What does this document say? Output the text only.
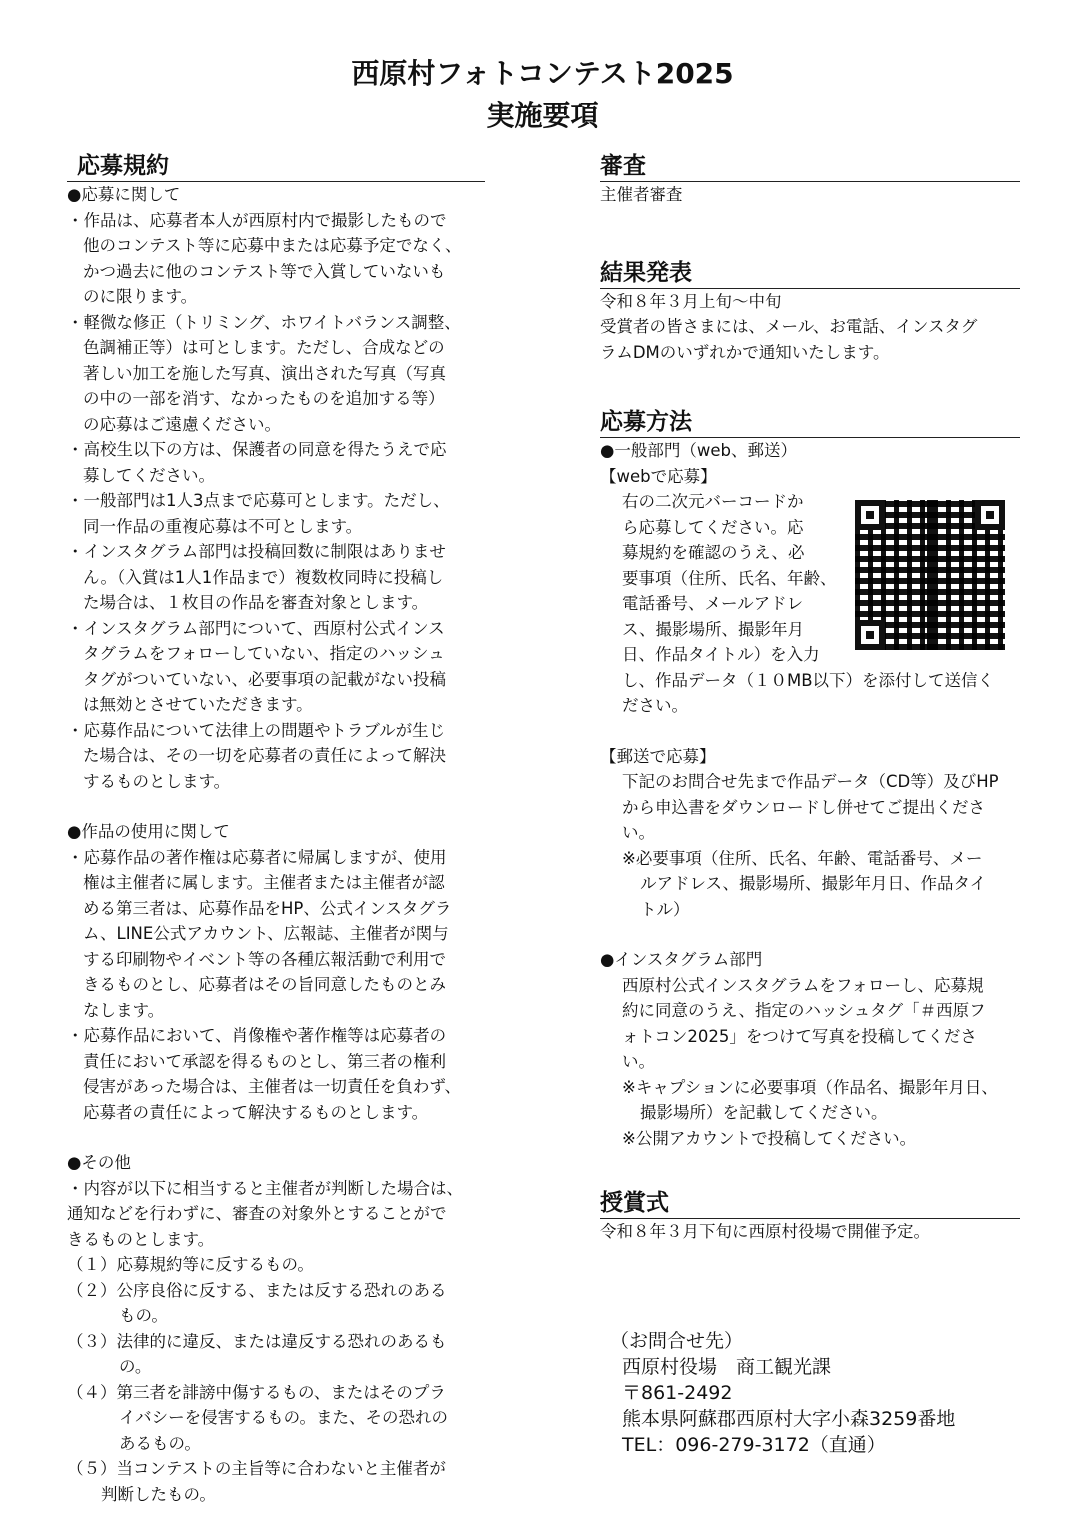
西原村フォトコンテスト2025
実施要項
応募規約
●応募に関して
・作品は、応募者本人が西原村内で撮影したもので
他のコンテスト等に応募中または応募予定でなく、
かつ過去に他のコンテスト等で入賞していないも
のに限ります。
・軽微な修正（トリミング、ホワイトバランス調整、
色調補正等）は可とします。ただし、合成などの
著しい加工を施した写真、演出された写真（写真
の中の一部を消す、なかったものを追加する等）
の応募はご遠慮ください。
・高校生以下の方は、保護者の同意を得たうえで応
募してください。
・一般部門は1人3点まで応募可とします。ただし、
同一作品の重複応募は不可とします。
・インスタグラム部門は投稿回数に制限はありませ
ん。（入賞は1人1作品まで）複数枚同時に投稿し
た場合は、１枚目の作品を審査対象とします。
・インスタグラム部門について、西原村公式インス
タグラムをフォローしていない、指定のハッシュ
タグがついていない、必要事項の記載がない投稿
は無効とさせていただきます。
・応募作品について法律上の問題やトラブルが生じ
た場合は、その一切を応募者の責任によって解決
するものとします。
●作品の使用に関して
・応募作品の著作権は応募者に帰属しますが、使用
権は主催者に属します。主催者または主催者が認
める第三者は、応募作品をHP、公式インスタグラ
ム、LINE公式アカウント、広報誌、主催者が関与
する印刷物やイベント等の各種広報活動で利用で
きるものとし、応募者はその旨同意したものとみ
なします。
・応募作品において、肖像権や著作権等は応募者の
責任において承認を得るものとし、第三者の権利
侵害があった場合は、主催者は一切責任を負わず、
応募者の責任によって解決するものとします。
●その他
・内容が以下に相当すると主催者が判断した場合は、
通知などを行わずに、審査の対象外とすることがで
きるものとします。
（１）応募規約等に反するもの。
（２）公序良俗に反する、または反する恐れのある
もの。
（３）法律的に違反、または違反する恐れのあるも
の。
（４）第三者を誹謗中傷するもの、またはそのプラ
イバシーを侵害するもの。また、その恐れの
あるもの。
（５）当コンテストの主旨等に合わないと主催者が
判断したもの。
審査
主催者審査
結果発表
令和８年３月上旬～中旬
受賞者の皆さまには、メール、お電話、インスタグ
ラムDMのいずれかで通知いたします。
応募方法
●一般部門（web、郵送）
【webで応募】
右の二次元バーコードか
ら応募してください。応
募規約を確認のうえ、必
要事項（住所、氏名、年齢、
電話番号、メールアドレ
ス、撮影場所、撮影年月
日、作品タイトル）を入力
し、作品データ（１０MB以下）を添付して送信く
ださい。
【郵送で応募】
下記のお問合せ先まで作品データ（CD等）及びHP
から申込書をダウンロードし併せてご提出くださ
い。
※必要事項（住所、氏名、年齢、電話番号、メー
ルアドレス、撮影場所、撮影年月日、作品タイ
トル）
●インスタグラム部門
西原村公式インスタグラムをフォローし、応募規
約に同意のうえ、指定のハッシュタグ「＃西原フ
ォトコン2025」をつけて写真を投稿してくださ
い。
※キャプションに必要事項（作品名、撮影年月日、
撮影場所）を記載してください。
※公開アカウントで投稿してください。
授賞式
令和８年３月下旬に西原村役場で開催予定。
（お問合せ先）
西原村役場　商工観光課
〒861-2492
熊本県阿蘇郡西原村大字小森3259番地
TEL：096-279-3172（直通）
